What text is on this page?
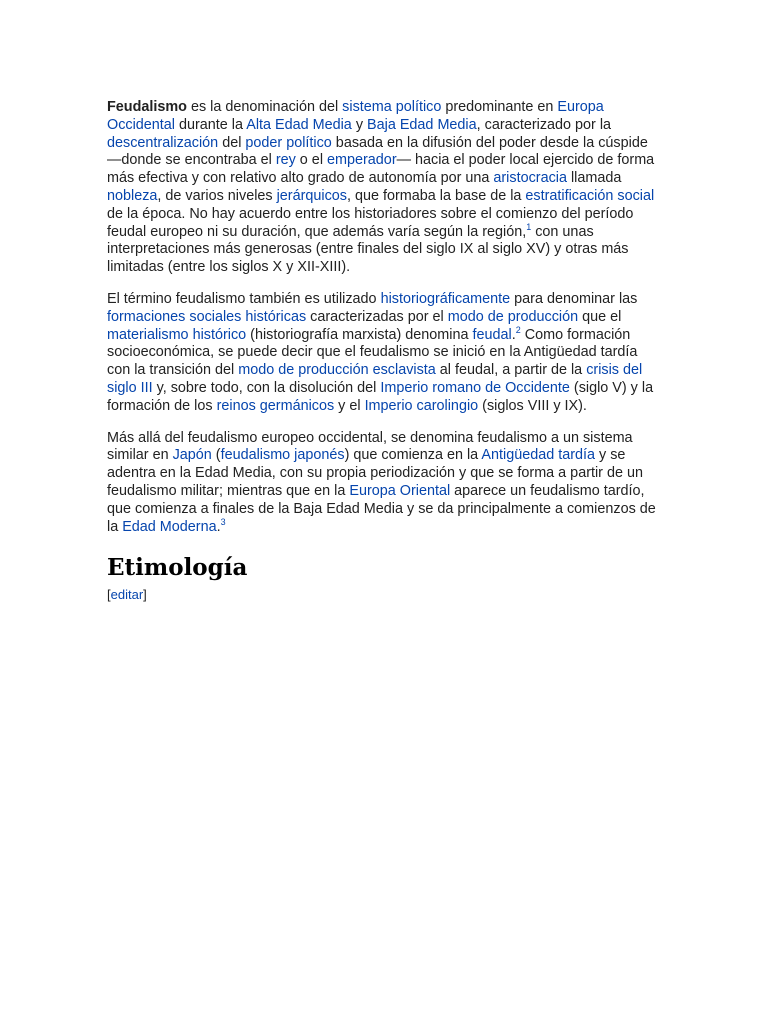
Feudalismo es la denominación del sistema político predominante en Europa Occidental durante la Alta Edad Media y Baja Edad Media, caracterizado por la descentralización del poder político basada en la difusión del poder desde la cúspide —donde se encontraba el rey o el emperador— hacia el poder local ejercido de forma más efectiva y con relativo alto grado de autonomía por una aristocracia llamada nobleza, de varios niveles jerárquicos, que formaba la base de la estratificación social de la época. No hay acuerdo entre los historiadores sobre el comienzo del período feudal europeo ni su duración, que además varía según la región,$^1$ con unas interpretaciones más generosas (entre finales del siglo IX al siglo XV) y otras más limitadas (entre los siglos X y XII-XIII).

El término feudalismo también es utilizado historiográficamente para denominar las formaciones sociales históricas caracterizadas por el modo de producción que el materialismo histórico (historiografía marxista) denomina feudal.$^2$ Como formación socioeconómica, se puede decir que el feudalismo se inició en la Antigüedad tardía con la transición del modo de producción esclavista al feudal, a partir de la crisis del siglo III y, sobre todo, con la disolución del Imperio romano de Occidente (siglo V) y la formación de los reinos germánicos y el Imperio carolingio (siglos VIII y IX).

Más allá del feudalismo europeo occidental, se denomina feudalismo a un sistema similar en Japón (feudalismo japonés) que comienza en la Antigüedad tardía y se adentra en la Edad Media, con su propia periodización y que se forma a partir de un feudalismo militar; mientras que en la Europa Oriental aparece un feudalismo tardío, que comienza a finales de la Baja Edad Media y se da principalmente a comienzos de la Edad Moderna.$^3$

Etimología
[editar]
